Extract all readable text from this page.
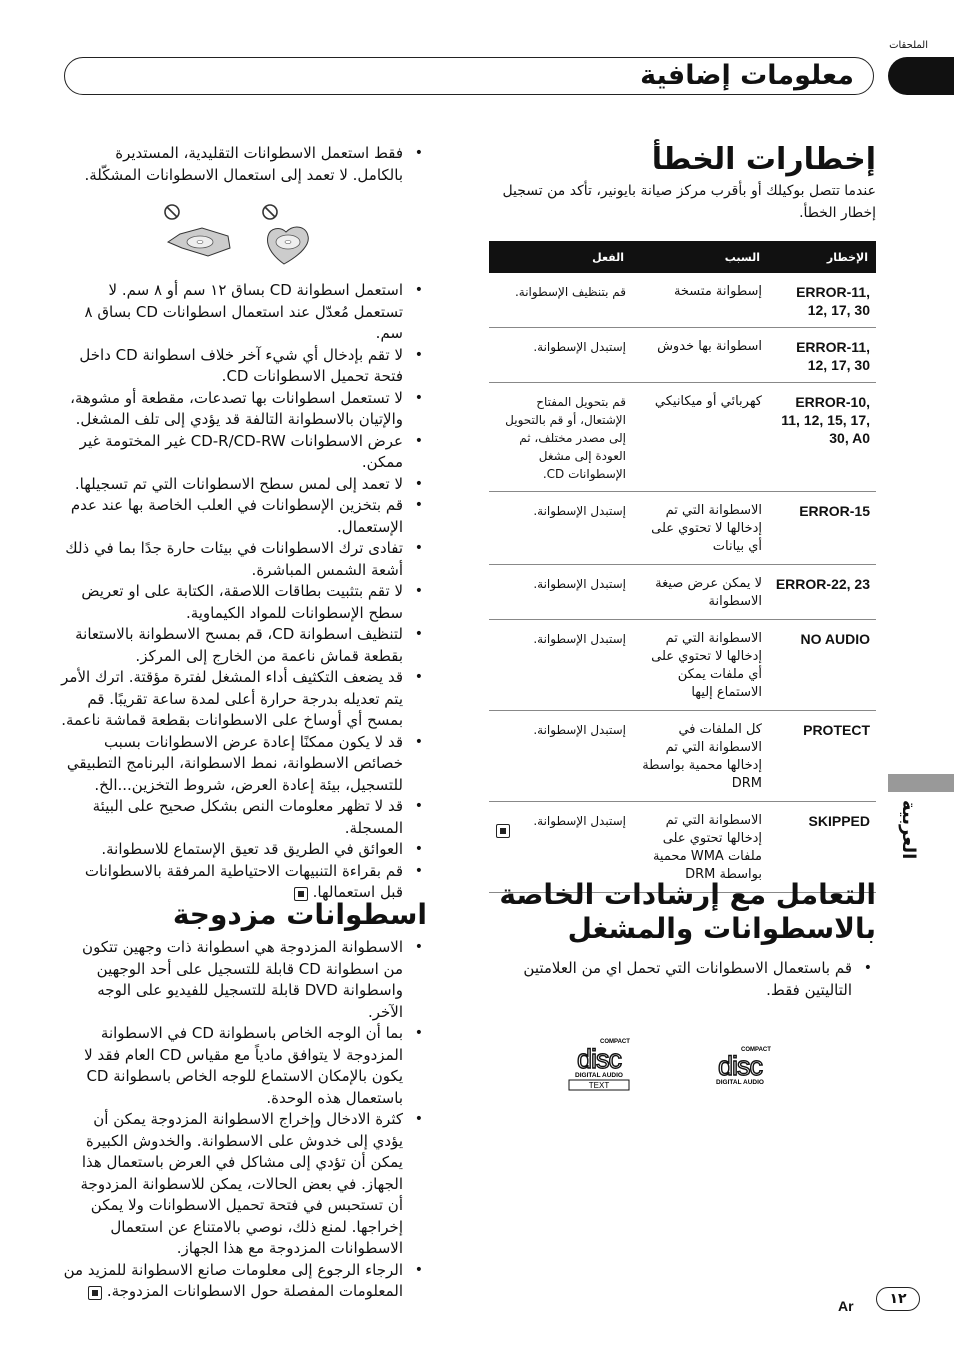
الملحقات
معلومات إضافية
إخطارات الخطأ
عندما تتصل بوكيلك أو بأقرب مركز صيانة بايونير، تأكد من تسجيل إخطار الخطأ.
الإخطار	السبب	الفعل
ERROR-11, 12, 17, 30	إسطوانة متسخة	قم بتنظيف الإسطوانة.
ERROR-11, 12, 17, 30	اسطوانة بها خدوش	إستبدل الإسطوانة.
ERROR-10, 11, 12, 15, 17, 30, A0	كهربائي أو ميكانيكي	قم بتحويل المفتاح الإشتعال، أو قم بالتحويل إلى مصدر مختلف، ثم العودة إلى مشغل الإسطوانات CD.
ERROR-15	الاسطوانة التي تم إدخالها لا تحتوي على أي بيانات	إستبدل الإسطوانة.
ERROR-22, 23	لا يمكن عرض صيغة الاسطوانة	إستبدل الإسطوانة.
NO AUDIO	الاسطوانة التي تم إدخالها لا تحتوي على أي ملفات يمكن الاستماع إليها	إستبدل الإسطوانة.
PROTECT	كل الملفات في الاسطوانة التي تم إدخالها محمية بواسطة DRM	إستبدل الإسطوانة.
SKIPPED	الاسطوانة التي تم إدخالها تحتوي على ملفات WMA محمية بواسطة DRM	إستبدل الإسطوانة.
التعامل مع إرشادات الخاصة بالاسطوانات والمشغل
• قم باستعمال الاسطوانات التي تحمل اي من العلامتين التاليتين فقط.
COMPACT
disc
DIGITAL AUDIO
TEXT
COMPACT
disc
DIGITAL AUDIO
• فقط استعمل الاسطوانات التقليدية، المستديرة بالكامل. لا تعمد إلى استعمال الاسطوانات المشكّلة.
• استعمل اسطوانة CD بساق ١٢ سم أو ٨ سم. لا تستعمل مُعدّل عند استعمال اسطوانات CD بساق ٨ سم.
• لا تقم بإدخال أي شيء آخر خلاف اسطوانة CD داخل فتحة تحميل الاسطوانات CD.
• لا تستعمل اسطوانات بها تصدعات، مقطعة أو مشوهة، والإتيان بالاسطوانة التالفة قد يؤدي إلى تلف المشغل.
• عرض الاسطوانات CD-R/CD-RW غير المختومة غير ممكن.
• لا تعمد إلى لمس سطح الاسطوانات التي تم تسجيلها.
• قم بتخزين الإسطوانات في العلب الخاصة بها عند عدم الإستعمال.
• تفادى ترك الاسطوانات في بيئات حارة جدًا بما في ذلك أشعة الشمس المباشرة.
• لا تقم بتثبيت بطاقات اللاصقة، الكتابة على او تعريض سطح الإسطوانات للمواد الكيماوية.
• لتنظيف اسطوانة CD، قم بمسح الاسطوانة بالاستعانة بقطعة قماش ناعمة من الخارج إلى المركز.
• قد يضعف التكثيف أداء المشغل لفترة مؤقتة. اترك الأمر يتم تعديله بدرجة حرارة أعلى لمدة ساعة تقريبًا. قم بمسح أي أوساخ على الاسطوانات بقطعة قماشة ناعمة.
• قد لا يكون ممكنًا إعادة عرض الاسطوانات بسبب خصائص الاسطوانة، نمط الاسطوانة، البرنامج التطبيقي للتسجيل، بيئة إعادة العرض، شروط التخزين...الخ.
• قد لا تظهر معلومات النص بشكل صحيح على البيئة المسجلة.
• العوائق في الطريق قد تعيق الإستماع للاسطوانة.
• قم بقراءة التنبيهات الاحتياطية المرفقة بالاسطوانات قبل استعمالها.
اسطوانات مزدوجة
• الاسطوانة المزدوجة هي اسطوانة ذات وجهين تتكون من اسطوانة CD قابلة للتسجيل على أحد الوجهين واسطوانة DVD قابلة للتسجيل للفيديو على الوجه الآخر.
• بما أن الوجه الخاص باسطوانة CD في الاسطوانة المزدوجة لا يتوافق مادياً مع مقياس CD العام فقد لا يكون بالإمكان الاستماع للوجه الخاص باسطوانة CD باستعمال هذه الوحدة.
• كثرة الادخال وإخراج الاسطوانة المزدوجة يمكن أن يؤدي إلى خدوش على الاسطوانة. والخدوش الكبيرة يمكن أن تؤدي إلى مشاكل في العرض باستعمال هذا الجهاز. في بعض الحالات، يمكن للاسطوانة المزدوجة أن تستحبس في فتحة تحميل الاسطوانات ولا يمكن إخراجها. لمنع ذلك، نوصي بالامتناع عن استعمال الاسطوانات المزدوجة مع هذا الجهاز.
• الرجاء الرجوع إلى معلومات صانع الاسطوانة للمزيد من المعلومات المفصلة حول الاسطوانات المزدوجة.
العربية
Ar	١٢
